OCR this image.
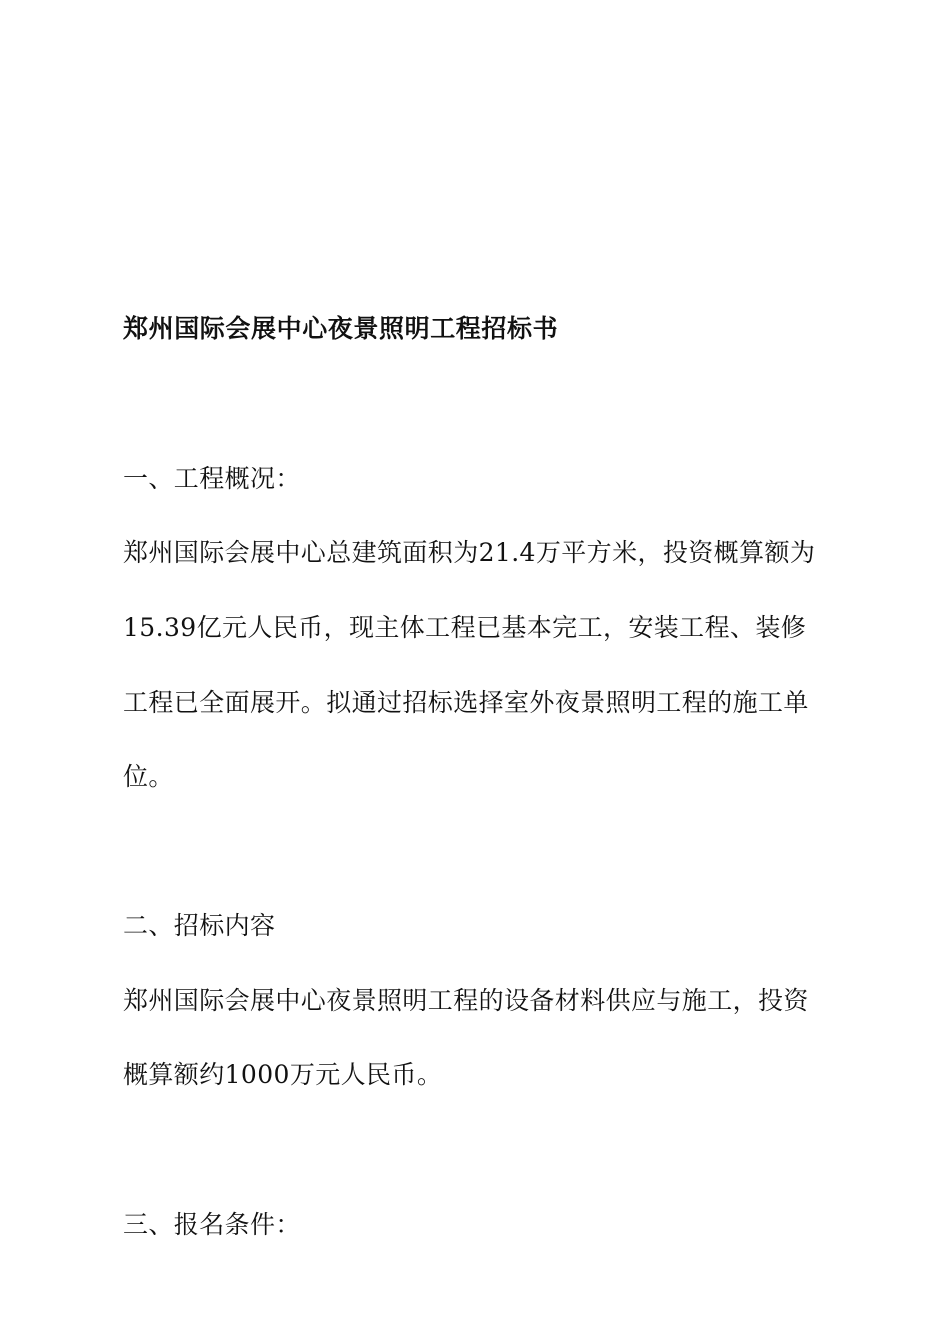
郑州国际会展中心夜景照明工程招标书
一、工程概况：
郑州国际会展中心总建筑面积为21.4万平方米，投资概算额为
15.39亿元人民币，现主体工程已基本完工，安装工程、装修
工程已全面展开。拟通过招标选择室外夜景照明工程的施工单
位。
二、招标内容
郑州国际会展中心夜景照明工程的设备材料供应与施工，投资
概算额约1000万元人民币。
三、报名条件：
